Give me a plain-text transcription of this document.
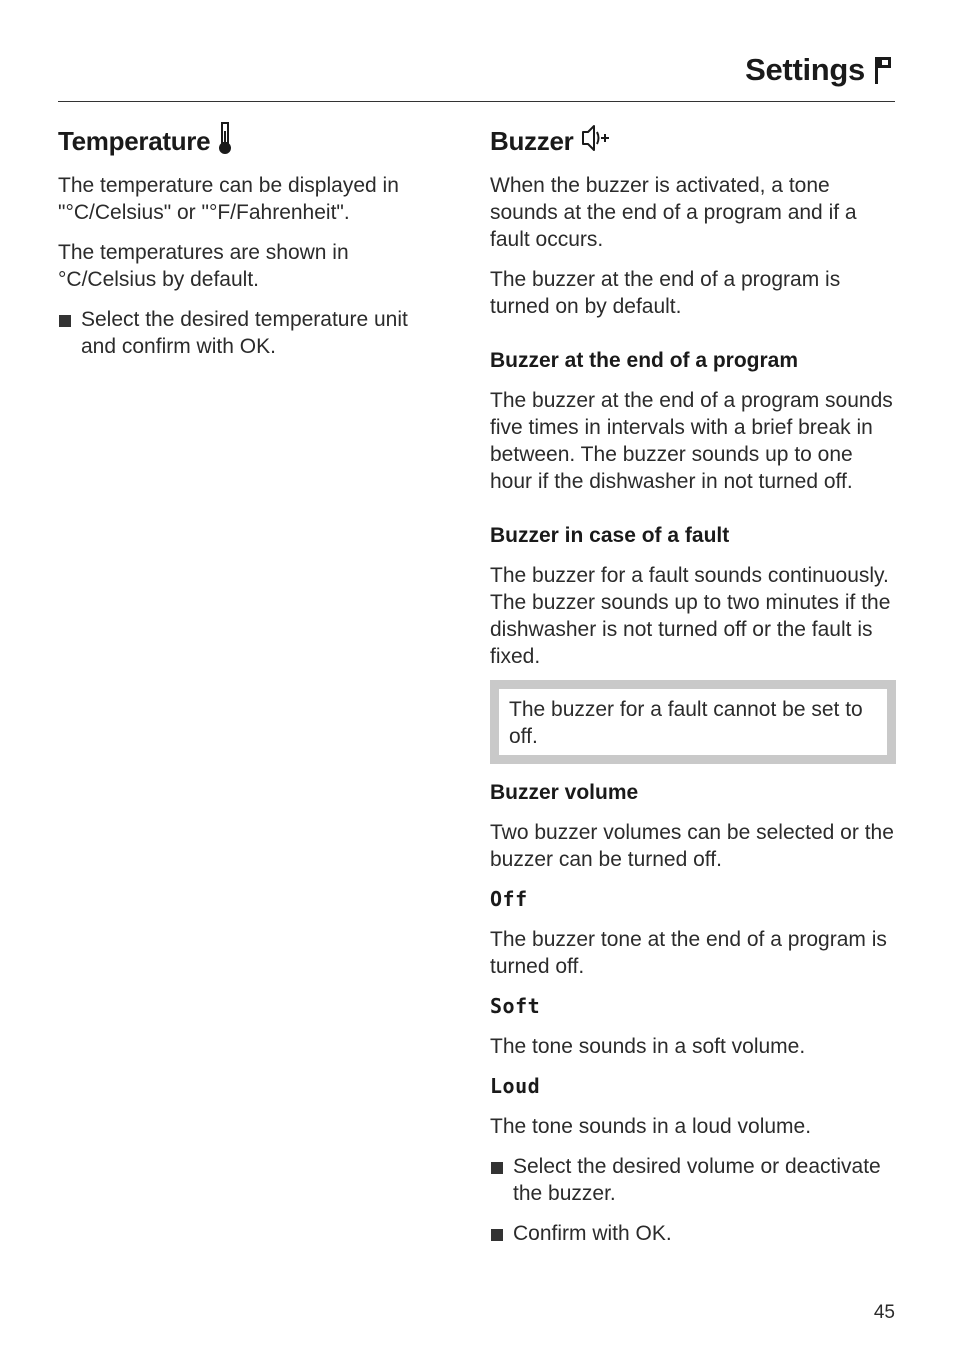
Settings
Temperature

The temperature can be displayed in "°C/Celsius" or "°F/Fahrenheit".

The temperatures are shown in °C/Celsius by default.

Select the desired temperature unit and confirm with OK.
Buzzer

When the buzzer is activated, a tone sounds at the end of a program and if a fault occurs.

The buzzer at the end of a program is turned on by default.

Buzzer at the end of a program

The buzzer at the end of a program sounds five times in intervals with a brief break in between. The buzzer sounds up to one hour if the dishwasher in not turned off.

Buzzer in case of a fault

The buzzer for a fault sounds continuously. The buzzer sounds up to two minutes if the dishwasher is not turned off or the fault is fixed.

The buzzer for a fault cannot be set to off.
Buzzer volume

Two buzzer volumes can be selected or the buzzer can be turned off.

Off

The buzzer tone at the end of a program is turned off.

Soft

The tone sounds in a soft volume.

Loud

The tone sounds in a loud volume.

Select the desired volume or deactivate the buzzer.
Confirm with OK.
45
